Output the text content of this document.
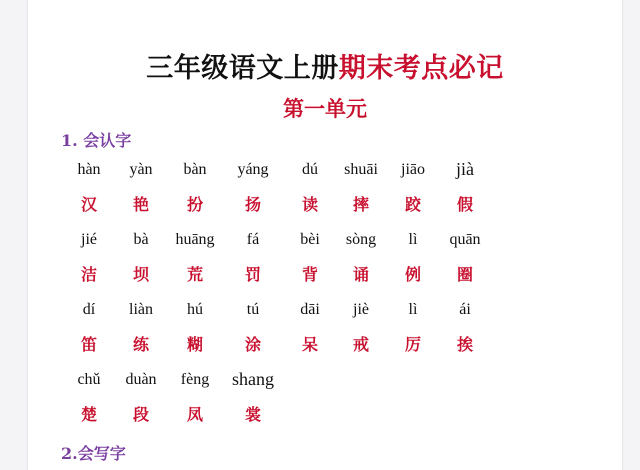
三年级语文上册期末考点必记
第一单元
1. 会认字
hàn
汉
yàn
艳
bàn
扮
yáng
扬
dú
读
shuāi
摔
jiāo
跤
jià
假
jié
洁
bà
坝
huāng
荒
fá
罚
bèi
背
sòng
诵
lì
例
quān
圈
dí
笛
liàn
练
hú
糊
tú
涂
dāi
呆
jiè
戒
lì
厉
ái
挨
chǔ
楚
duàn
段
fèng
凤
shang
裳
2.会写字
